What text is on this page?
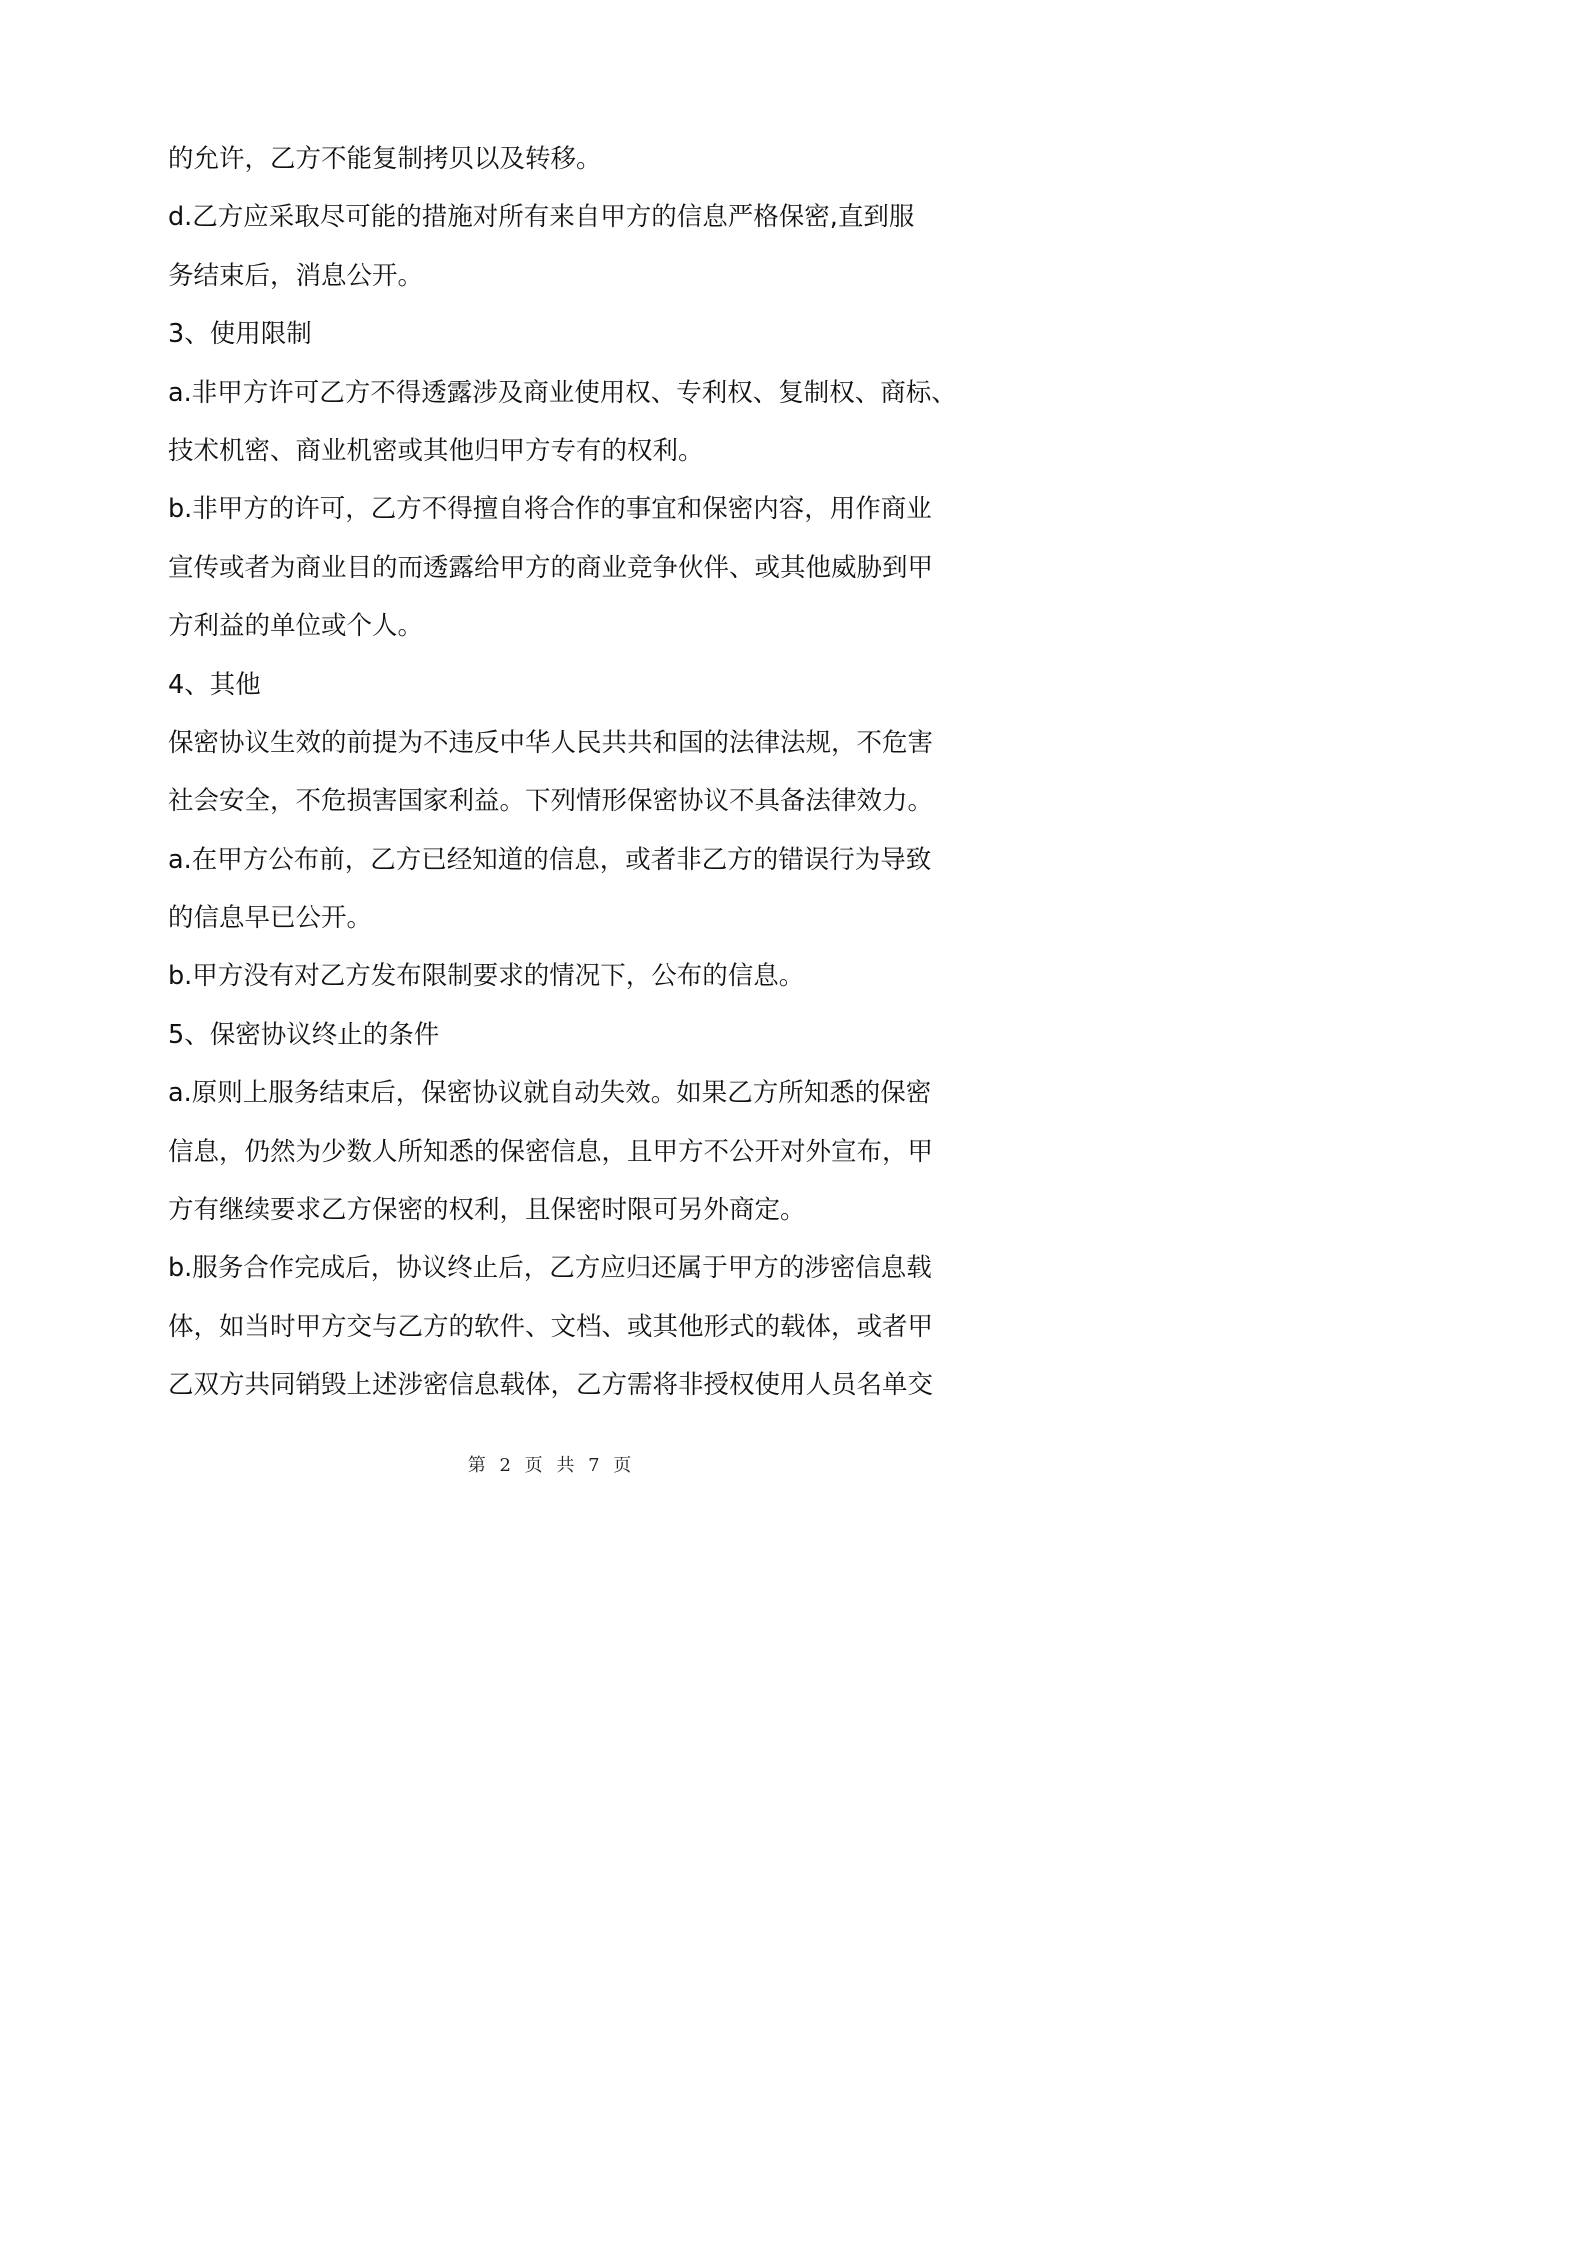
的允许，乙方不能复制拷贝以及转移。
d.乙方应采取尽可能的措施对所有来自甲方的信息严格保密,直到服
务结束后，消息公开。
3、使用限制
a.非甲方许可乙方不得透露涉及商业使用权、专利权、复制权、商标、
技术机密、商业机密或其他归甲方专有的权利。
b.非甲方的许可，乙方不得擅自将合作的事宜和保密内容，用作商业
宣传或者为商业目的而透露给甲方的商业竞争伙伴、或其他威胁到甲
方利益的单位或个人。
4、其他
保密协议生效的前提为不违反中华人民共共和国的法律法规，不危害
社会安全，不危损害国家利益。下列情形保密协议不具备法律效力。
a.在甲方公布前，乙方已经知道的信息，或者非乙方的错误行为导致
的信息早已公开。
b.甲方没有对乙方发布限制要求的情况下，公布的信息。
5、保密协议终止的条件
a.原则上服务结束后，保密协议就自动失效。如果乙方所知悉的保密
信息，仍然为少数人所知悉的保密信息，且甲方不公开对外宣布，甲
方有继续要求乙方保密的权利，且保密时限可另外商定。
b.服务合作完成后，协议终止后，乙方应归还属于甲方的涉密信息载
体，如当时甲方交与乙方的软件、文档、或其他形式的载体，或者甲
乙双方共同销毁上述涉密信息载体，乙方需将非授权使用人员名单交
第 2 页 共 7 页
